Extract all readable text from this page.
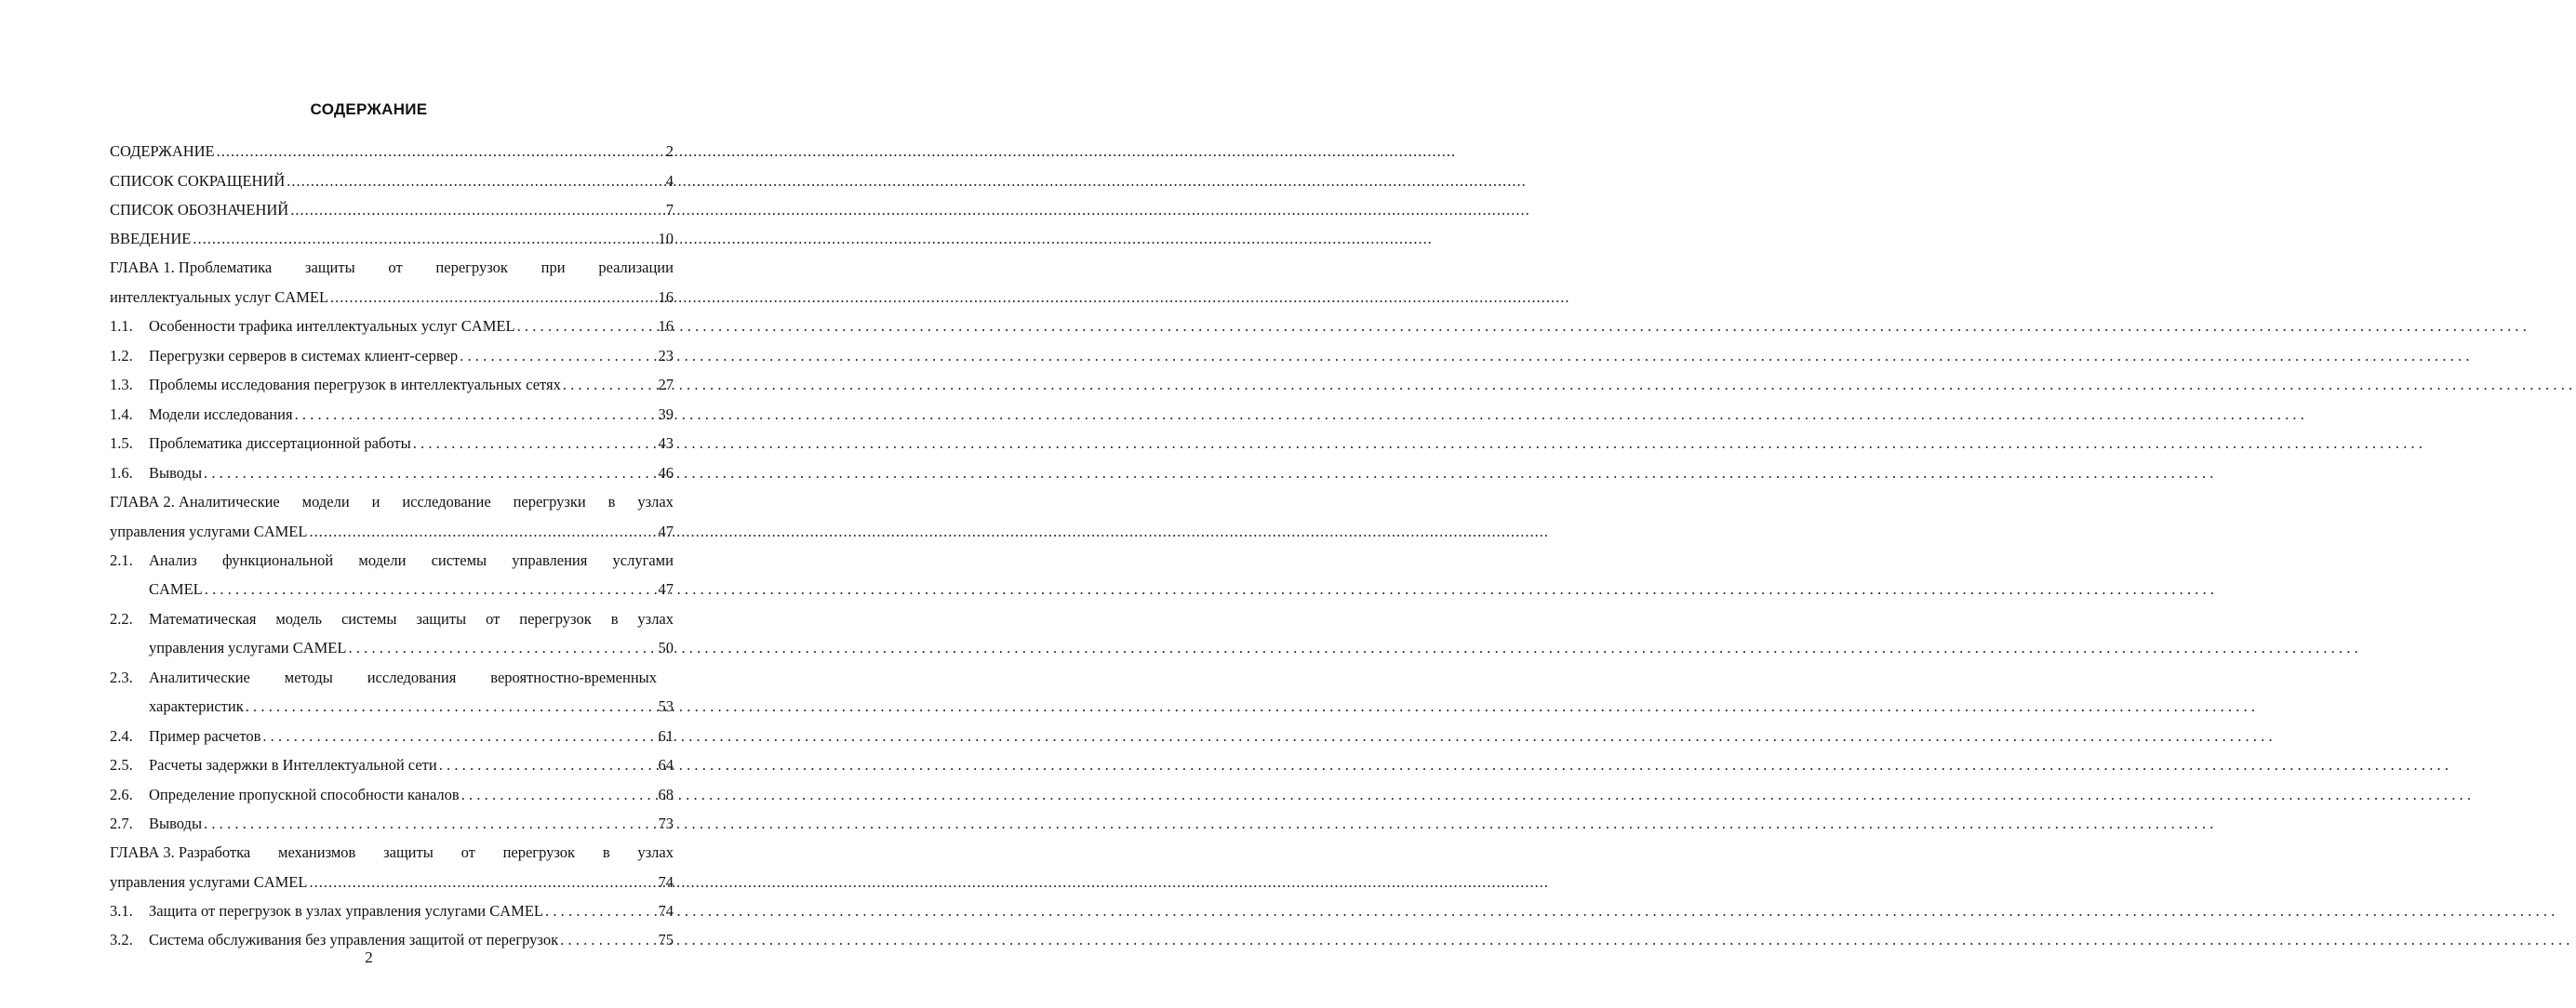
СОДЕРЖАНИЕ
СОДЕРЖАНИЕ .....	2
СПИСОК СОКРАЩЕНИЙ .....	4
СПИСОК ОБОЗНАЧЕНИЙ .....	7
ВВЕДЕНИЕ .....	10
ГЛАВА 1. Проблематика защиты от перегрузок при реализации
интеллектуальных услуг CAMEL .....	16
1.1.	Особенности трафика интеллектуальных услуг CAMEL .....	16
1.2.	Перегрузки серверов в системах клиент-сервер .....	23
1.3.	Проблемы исследования перегрузок в интеллектуальных сетях .....	27
1.4.	Модели исследования .....	39
1.5.	Проблематика диссертационной работы .....	43
1.6.	Выводы .....	46
ГЛАВА 2. Аналитические модели и исследование перегрузки в узлах
управления услугами CAMEL .....	47
2.1.	Анализ функциональной модели системы управления услугами
CAMEL .....	47
2.2.	Математическая модель системы защиты от перегрузок в узлах
управления услугами CAMEL .....	50
2.3.	Аналитические методы исследования вероятностно-временных
характеристик .....	53
2.4.	Пример расчетов .....	61
2.5.	Расчеты задержки в Интеллектуальной сети .....	64
2.6.	Определение пропускной способности каналов .....	68
2.7.	Выводы .....	73
ГЛАВА 3. Разработка механизмов защиты от перегрузок в узлах
управления услугами CAMEL .....	74
3.1.	Защита от перегрузок в узлах управления услугами CAMEL .....	74
3.2.	Система обслуживания без управления защитой от перегрузок .....	75
2
